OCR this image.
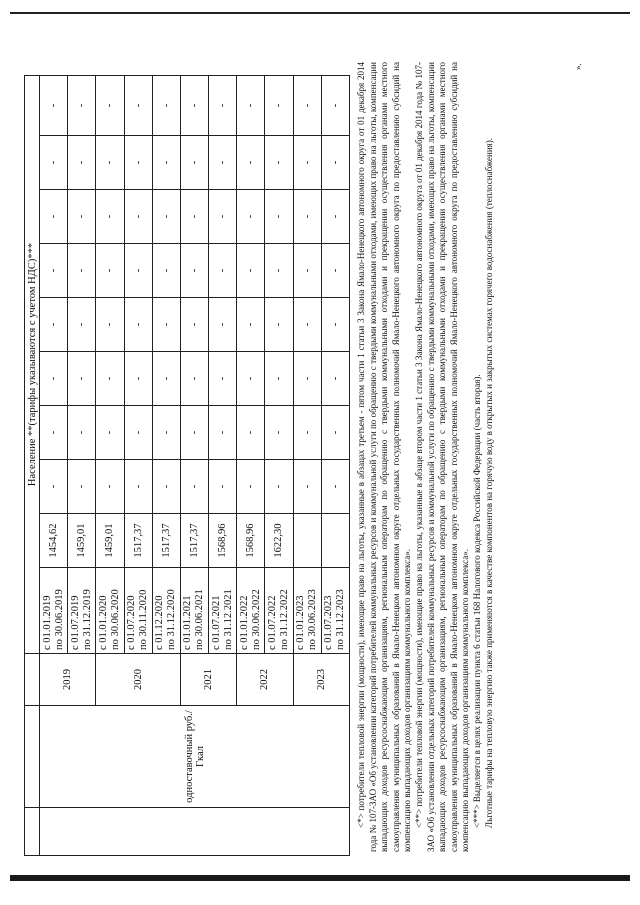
			Население **(тарифы указываются с учетом НДС)***									
	одноставочный руб./Гкал	2019	с 01.01.2019 по 30.06.2019	1454,62	-	-	-	-	-	-	-	-

			с 01.07.2019 по 31.12.2019	1459,01	-	-	-	-	-	-	-	-
		2020	с 01.01.2020 по 30.06.2020	1459,01	-	-	-	-	-	-	-	-

			с 01.07.2020 по 30.11.2020	1517,37	-	-	-	-	-	-	-	-

			с 01.12.2020 по 31.12.2020	1517,37	-	-	-	-	-	-	-	-
		2021	с 01.01.2021 по 30.06.2021	1517,37	-	-	-	-	-	-	-	-

			с 01.07.2021 по 31.12.2021	1568,96	-	-	-	-	-	-	-	-
		2022	с 01.01.2022 по 30.06.2022	1568,96	-	-	-	-	-	-	-	-

			с 01.07.2022 по 31.12.2022	1622,30	-	-	-	-	-	-	-	-
		2023	с 01.01.2023 по 30.06.2023		-	-	-	-	-	-	-	-

			с 01.07.2023 по 31.12.2023		-	-	-	-	-	-	-	- <*> потребители тепловой энергии (мощности), имеющие право на льготы, указанные в абзацах третьем - пятом части 1 статьи 3 Закона Ямало-Ненецкого автономного округа от 01 декабря 2014 года № 107-ЗАО «Об установлении категорий потребителей коммунальных ресурсов и коммунальной услуги по обращению с твердыми коммунальными отходами, имеющих право на льготы, компенсации выпадающих доходов ресурсоснабжающим организациям, региональным операторам по обращению с твердыми коммунальными отходами и прекращении осуществления органами местного самоуправления муниципальных образований в Ямало-Ненецком автономном округе отдельных государственных полномочий Ямало-Ненецкого автономного округа по предоставлению субсидий на компенсацию выпадающих доходов организациям коммунального комплекса». <**> потребители тепловой энергии (мощности), имеющие право на льготы, указанные в абзаце втором части 1 статьи 3 Закона Ямало-Ненецкого автономного округа от 01 декабря 2014 года № 107-ЗАО «Об установлении отдельных категорий потребителей коммунальных ресурсов и коммунальной услуги по обращению с твердыми коммунальными отходами, имеющих право на льготы, компенсации выпадающих доходов ресурсоснабжающим организациям, региональным операторам по обращению с твердыми коммунальными отходами и прекращении осуществления органами местного самоуправления муниципальных образований в Ямало-Ненецком автономном округе отдельных государственных полномочий Ямало-Ненецкого автономного округа по предоставлению субсидий на компенсацию выпадающих доходов организациям коммунального комплекса». <***> Выделяется в целях реализации пункта 6 статьи 168 Налогового кодекса Российской Федерации (часть вторая). Льготные тарифы на тепловую энергию также применяются в качестве компонентов на горячую воду в открытых и закрытых системах горячего водоснабжения (теплоснабжения).

».
